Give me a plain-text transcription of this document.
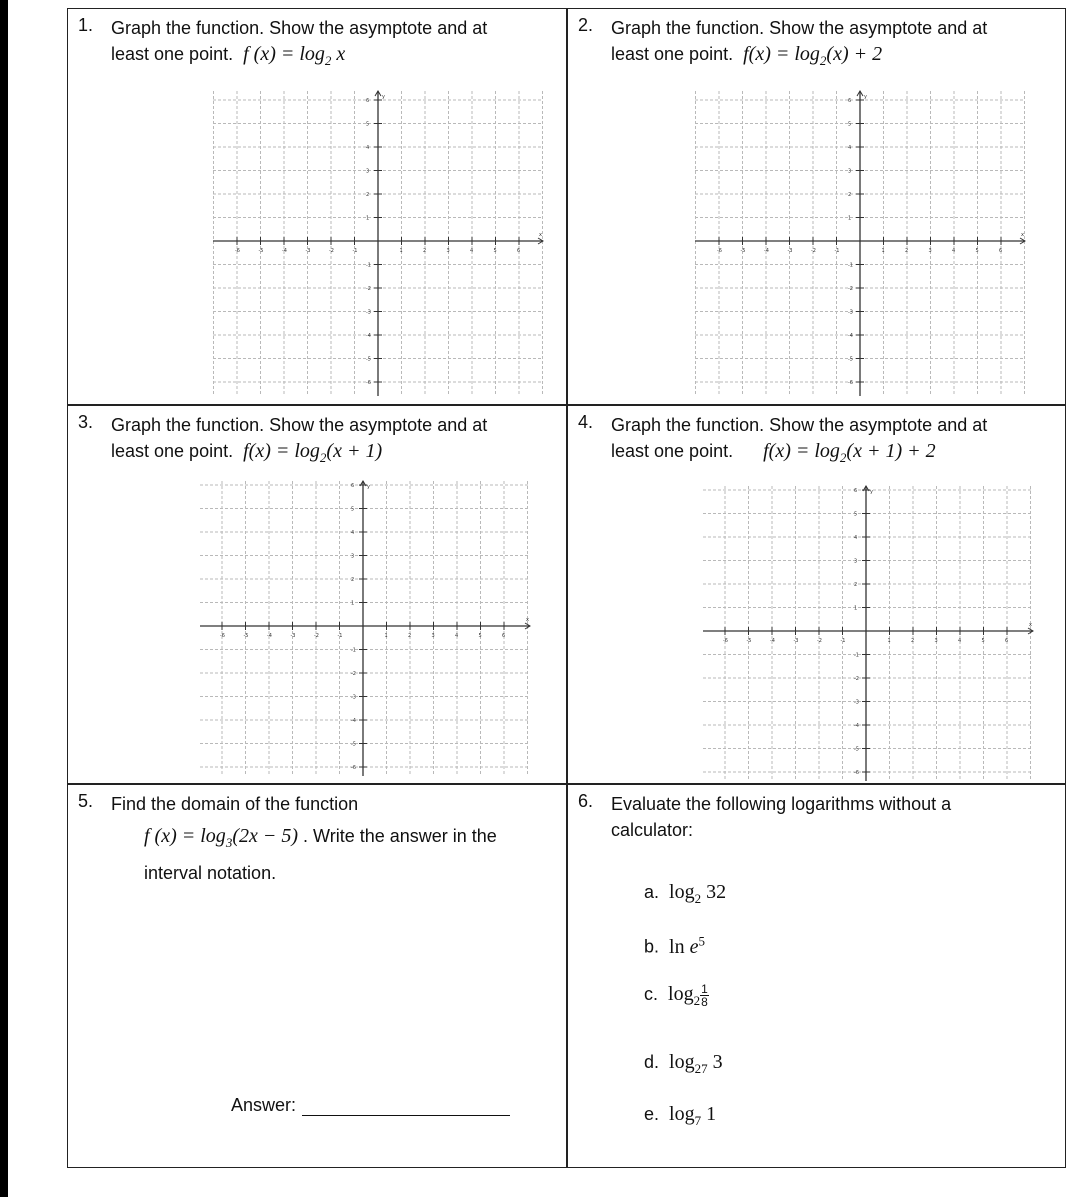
1. Graph the function. Show the asymptote and at
least one point. f $(x) = \log_2 x$
x
y
-6	-5	-4	-3	-2	-1	1	2	3	4	5	6
6
5
4
3
2
1
-1
-2
-3
-4
-5
-6
2. Graph the function. Show the asymptote and at
least one point. $f(x) = \log_2(x) + 2$
x
y
-6	-5	-4	-3	-2	-1	1	2	3	4	5	6
6
5
4
3
2
1
-1
-2
-3
-4
-5
-6
3. Graph the function. Show the asymptote and at
least one point. $f(x) = \log_2(x + 1)$
x
y
-6	-5	-4	-3	-2	-1	1	2	3	4	5	6
6
5
4
3
2
1
-1
-2
-3
-4
-5
-6
4. Graph the function. Show the asymptote and at
least one point. $f(x) = \log_2(x + 1) + 2$
x
y
-6	-5	-4	-3	-2	-1	1	2	3	4	5	6
6
5
4
3
2
1
-1
-2
-3
-4
-5
-6
5. Find the domain of the function
f $(x) = \log_3(2x - 5)$ . Write the answer in the
interval notation.
Answer:
6. Evaluate the following logarithms without a
calculator:
a. $\log_2 32$
b. $\ln e^5$
c. $\log_2 \frac{1}{8}$
d. $\log_{27} 3$
e. $\log_7 1$
